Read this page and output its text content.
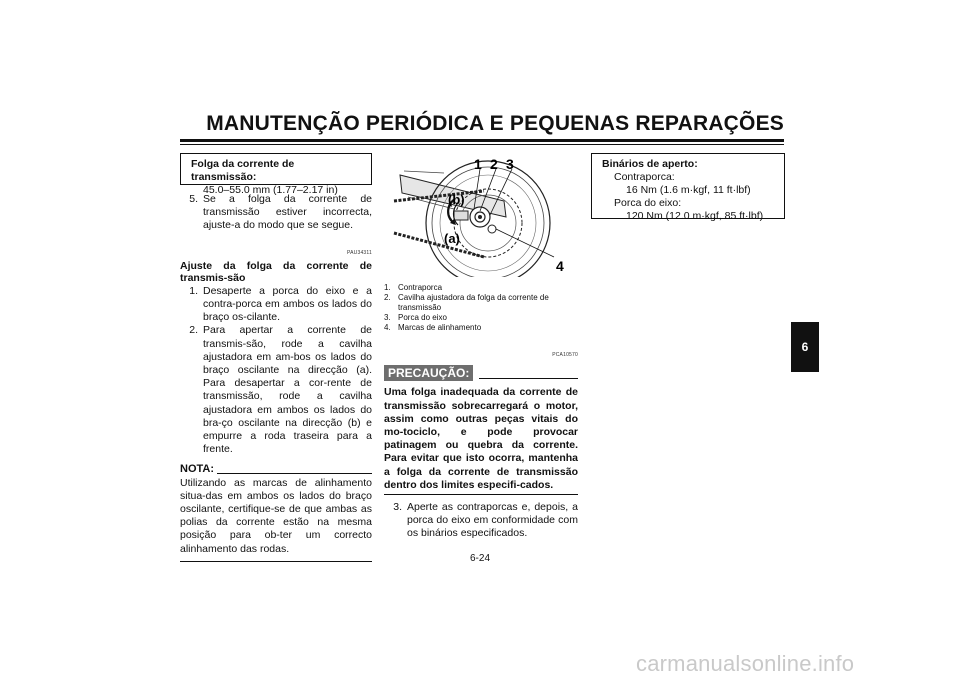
MANUTENÇÃO PERIÓDICA E PEQUENAS REPARAÇÕES
Folga da corrente de transmissão:
45.0–55.0 mm (1.77–2.17 in)
5. Se a folga da corrente de transmissão estiver incorrecta, ajuste-a do modo que se segue.
PAU34311
Ajuste da folga da corrente de transmis-são
1. Desaperte a porca do eixo e a contra-porca em ambos os lados do braço os-cilante.
2. Para apertar a corrente de transmis-são, rode a cavilha ajustadora em am-bos os lados do braço oscilante na direcção (a). Para desapertar a cor-rente de transmissão, rode a cavilha ajustadora em ambos os lados do bra-ço oscilante na direcção (b) e empurre a roda traseira para a frente.
NOTA:
Utilizando as marcas de alinhamento situa-das em ambos os lados do braço oscilante, certifique-se de que ambas as polias da corrente estão na mesma posição para ob-ter um correcto alinhamento das rodas.
1 2 3
4
(b)
(a)
1. Contraporca
2. Cavilha ajustadora da folga da corrente de transmissão
3. Porca do eixo
4. Marcas de alinhamento
PCA10570
PRECAUÇÃO:
Uma folga inadequada da corrente de transmissão sobrecarregará o motor, assim como outras peças vitais do mo-tociclo, e pode provocar patinagem ou quebra da corrente. Para evitar que isto ocorra, mantenha a folga da corrente de transmissão dentro dos limites especifi-cados.
3. Aperte as contraporcas e, depois, a porca do eixo em conformidade com os binários especificados.
Binários de aperto:
Contraporca:
16 Nm (1.6 m·kgf, 11 ft·lbf)
Porca do eixo:
120 Nm (12.0 m·kgf, 85 ft·lbf)
6
6-24
carmanualsonline.info
